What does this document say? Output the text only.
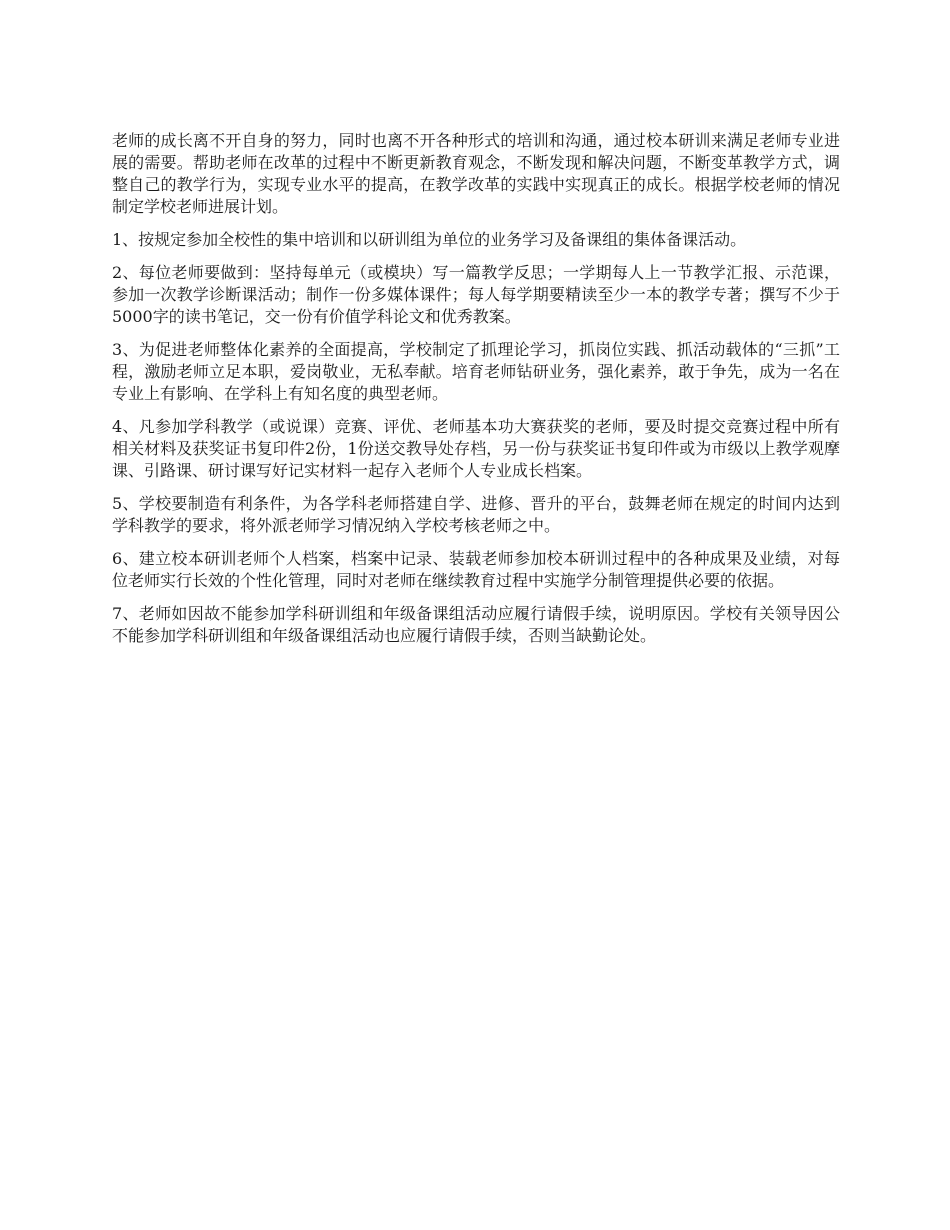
老师的成长离不开自身的努力，同时也离不开各种形式的培训和沟通，通过校本研训来满足老师专业进展的需要。帮助老师在改革的过程中不断更新教育观念，不断发现和解决问题，不断变革教学方式，调整自己的教学行为，实现专业水平的提高，在教学改革的实践中实现真正的成长。根据学校老师的情况制定学校老师进展计划。

1、按规定参加全校性的集中培训和以研训组为单位的业务学习及备课组的集体备课活动。

2、每位老师要做到：坚持每单元（或模块）写一篇教学反思；一学期每人上一节教学汇报、示范课，参加一次教学诊断课活动；制作一份多媒体课件；每人每学期要精读至少一本的教学专著；撰写不少于5000字的读书笔记，交一份有价值学科论文和优秀教案。

3、为促进老师整体化素养的全面提高，学校制定了抓理论学习，抓岗位实践、抓活动载体的“三抓”工程，激励老师立足本职，爱岗敬业，无私奉献。培育老师钻研业务，强化素养，敢于争先，成为一名在专业上有影响、在学科上有知名度的典型老师。

4、凡参加学科教学（或说课）竞赛、评优、老师基本功大赛获奖的老师，要及时提交竞赛过程中所有相关材料及获奖证书复印件2份，1份送交教导处存档，另一份与获奖证书复印件或为市级以上教学观摩课、引路课、研讨课写好记实材料一起存入老师个人专业成长档案。

5、学校要制造有利条件，为各学科老师搭建自学、进修、晋升的平台，鼓舞老师在规定的时间内达到学科教学的要求，将外派老师学习情况纳入学校考核老师之中。

6、建立校本研训老师个人档案，档案中记录、装载老师参加校本研训过程中的各种成果及业绩，对每位老师实行长效的个性化管理，同时对老师在继续教育过程中实施学分制管理提供必要的依据。

7、老师如因故不能参加学科研训组和年级备课组活动应履行请假手续，说明原因。学校有关领导因公不能参加学科研训组和年级备课组活动也应履行请假手续，否则当缺勤论处。
